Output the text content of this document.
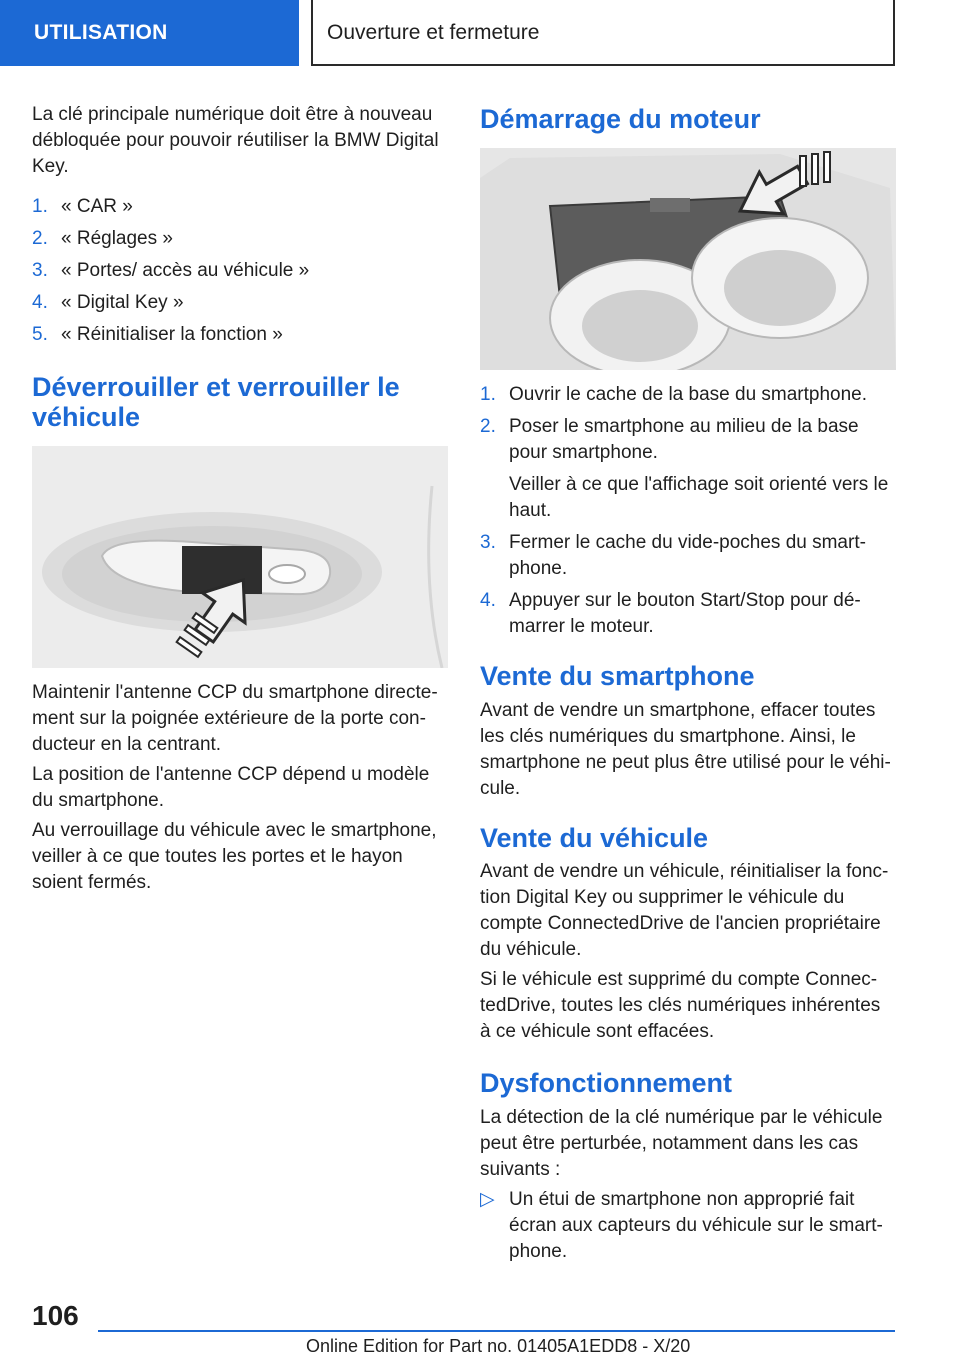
UTILISATION	Ouverture et fermeture

La clé principale numérique doit être à nouveau débloquée pour pouvoir réutiliser la BMW Digital Key.

1. « CAR »
2. « Réglages »
3. « Portes/ accès au véhicule »
4. « Digital Key »
5. « Réinitialiser la fonction »
Déverrouiller et verrouiller le véhicule

Maintenir l'antenne CCP du smartphone directe-ment sur la poignée extérieure de la porte con-ducteur en la centrant.

La position de l'antenne CCP dépend u modèle du smartphone.

Au verrouillage du véhicule avec le smartphone, veiller à ce que toutes les portes et le hayon soient fermés.

Démarrage du moteur
1. Ouvrir le cache de la base du smartphone.
2. Poser le smartphone au milieu de la base pour smartphone.
Veiller à ce que l'affichage soit orienté vers le haut.
3. Fermer le cache du vide-poches du smart-phone.
4. Appuyer sur le bouton Start/Stop pour dé-marrer le moteur.
Vente du smartphone

Avant de vendre un smartphone, effacer toutes les clés numériques du smartphone. Ainsi, le smartphone ne peut plus être utilisé pour le véhi-cule.

Vente du véhicule

Avant de vendre un véhicule, réinitialiser la fonc-tion Digital Key ou supprimer le véhicule du compte ConnectedDrive de l'ancien propriétaire du véhicule.

Si le véhicule est supprimé du compte Connec-tedDrive, toutes les clés numériques inhérentes à ce véhicule sont effacées.

Dysfonctionnement

La détection de la clé numérique par le véhicule peut être perturbée, notamment dans les cas suivants :

▷ Un étui de smartphone non approprié fait écran aux capteurs du véhicule sur le smart-phone.
106
Online Edition for Part no. 01405A1EDD8 - X/20
